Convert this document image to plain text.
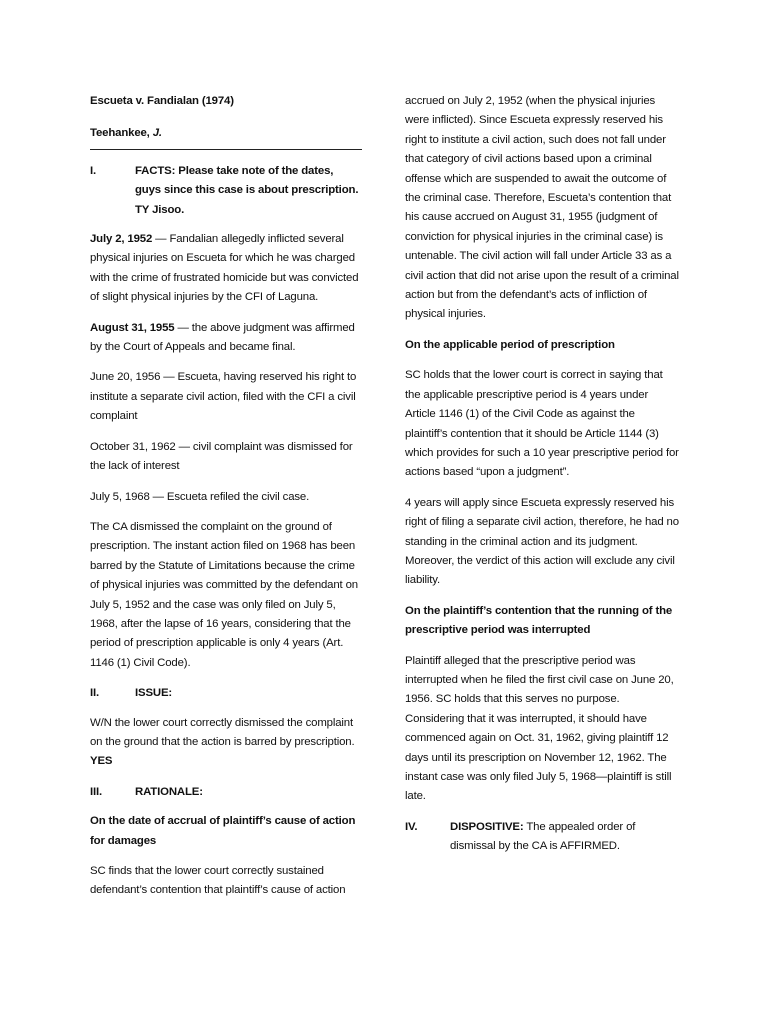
Escueta v. Fandialan (1974)

Teehankee, J.

I.	FACTS: Please take note of the dates, guys since this case is about prescription. TY Jisoo.

July 2, 1952 — Fandalian allegedly inflicted several physical injuries on Escueta for which he was charged with the crime of frustrated homicide but was convicted of slight physical injuries by the CFI of Laguna.

August 31, 1955 — the above judgment was affirmed by the Court of Appeals and became final.

June 20, 1956 — Escueta, having reserved his right to institute a separate civil action, filed with the CFI a civil complaint

October 31, 1962 — civil complaint was dismissed for the lack of interest

July 5, 1968 — Escueta refiled the civil case.

The CA dismissed the complaint on the ground of prescription. The instant action filed on 1968 has been barred by the Statute of Limitations because the crime of physical injuries was committed by the defendant on July 5, 1952 and the case was only filed on July 5, 1968, after the lapse of 16 years, considering that the period of prescription applicable is only 4 years (Art. 1146 (1) Civil Code).

II.	ISSUE:

W/N the lower court correctly dismissed the complaint on the ground that the action is barred by prescription.
YES

III.	RATIONALE:

On the date of accrual of plaintiff’s cause of action for damages

SC finds that the lower court correctly sustained defendant’s contention that plaintiff’s cause of action

accrued on July 2, 1952 (when the physical injuries were inflicted). Since Escueta expressly reserved his right to institute a civil action, such does not fall under that category of civil actions based upon a criminal offense which are suspended to await the outcome of the criminal case. Therefore, Escueta’s contention that his cause accrued on August 31, 1955 (judgment of conviction for physical injuries in the criminal case) is untenable. The civil action will fall under Article 33 as a civil action that did not arise upon the result of a criminal action but from the defendant’s acts of infliction of physical injuries.

On the applicable period of prescription

SC holds that the lower court is correct in saying that the applicable prescriptive period is 4 years under Article 1146 (1) of the Civil Code as against the plaintiff’s contention that it should be Article 1144 (3) which provides for such a 10 year prescriptive period for actions based “upon a judgment”.

4 years will apply since Escueta expressly reserved his right of filing a separate civil action, therefore, he had no standing in the criminal action and its judgment. Moreover, the verdict of this action will exclude any civil liability.

On the plaintiff’s contention that the running of the prescriptive period was interrupted

Plaintiff alleged that the prescriptive period was interrupted when he filed the first civil case on June 20, 1956. SC holds that this serves no purpose. Considering that it was interrupted, it should have commenced again on Oct. 31, 1962, giving plaintiff 12 days until its prescription on November 12, 1962. The instant case was only filed July 5, 1968—plaintiff is still late.

IV.	DISPOSITIVE: The appealed order of dismissal by the CA is AFFIRMED.
